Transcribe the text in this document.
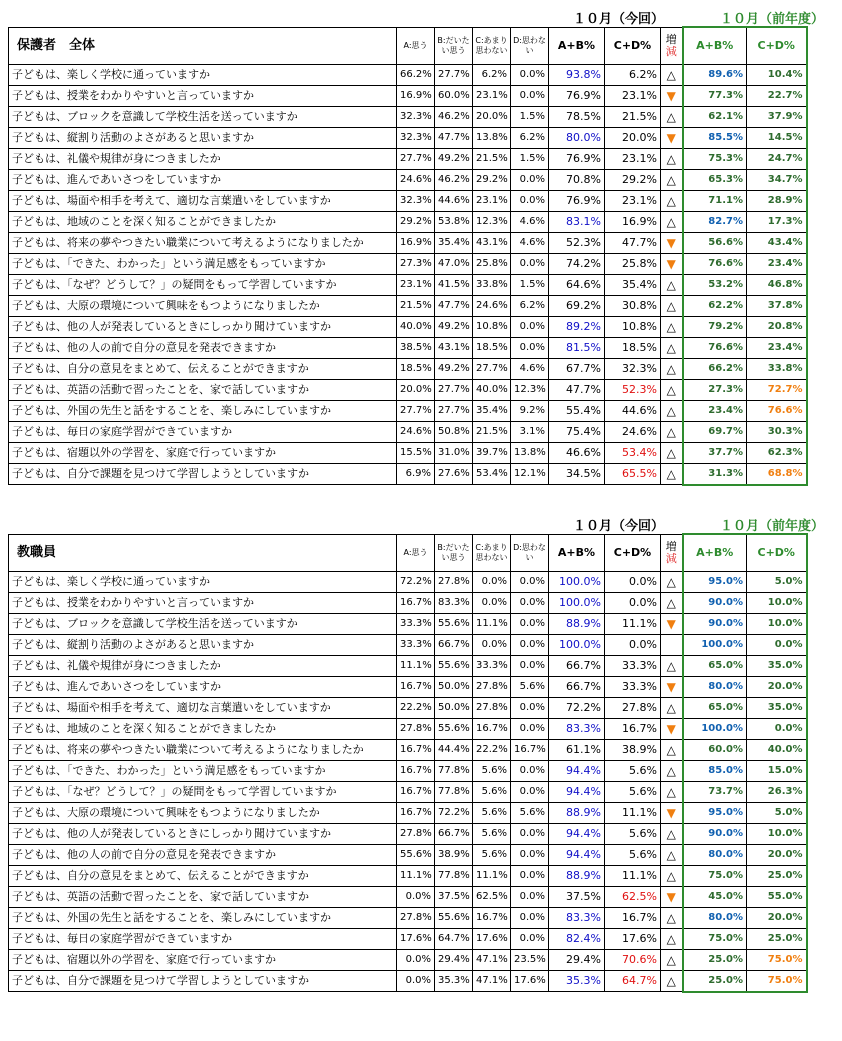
１０月（今回）	１０月（前年度）
保護者　全体	A:思う	B:だいたい思う	C:あまり思わない	D:思わない	A+B%	C+D%	増
減	A+B%	C+D%
子どもは、楽しく学校に通っていますか	66.2%	27.7%	6.2%	0.0%	93.8%	6.2%	△	89.6%	10.4%
子どもは、授業をわかりやすいと言っていますか	16.9%	60.0%	23.1%	0.0%	76.9%	23.1%	▼	77.3%	22.7%
子どもは、ブロックを意識して学校生活を送っていますか	32.3%	46.2%	20.0%	1.5%	78.5%	21.5%	△	62.1%	37.9%
子どもは、縦割り活動のよさがあると思いますか	32.3%	47.7%	13.8%	6.2%	80.0%	20.0%	▼	85.5%	14.5%
子どもは、礼儀や規律が身につきましたか	27.7%	49.2%	21.5%	1.5%	76.9%	23.1%	△	75.3%	24.7%
子どもは、進んであいさつをしていますか	24.6%	46.2%	29.2%	0.0%	70.8%	29.2%	△	65.3%	34.7%
子どもは、場面や相手を考えて、適切な言葉遣いをしていますか	32.3%	44.6%	23.1%	0.0%	76.9%	23.1%	△	71.1%	28.9%
子どもは、地域のことを深く知ることができましたか	29.2%	53.8%	12.3%	4.6%	83.1%	16.9%	△	82.7%	17.3%
子どもは、将来の夢やつきたい職業について考えるようになりましたか	16.9%	35.4%	43.1%	4.6%	52.3%	47.7%	▼	56.6%	43.4%
子どもは、「できた、わかった」という満足感をもっていますか	27.3%	47.0%	25.8%	0.0%	74.2%	25.8%	▼	76.6%	23.4%
子どもは、「なぜ？どうして？」の疑問をもって学習していますか	23.1%	41.5%	33.8%	1.5%	64.6%	35.4%	△	53.2%	46.8%
子どもは、大原の環境について興味をもつようになりましたか	21.5%	47.7%	24.6%	6.2%	69.2%	30.8%	△	62.2%	37.8%
子どもは、他の人が発表しているときにしっかり聞けていますか	40.0%	49.2%	10.8%	0.0%	89.2%	10.8%	△	79.2%	20.8%
子どもは、他の人の前で自分の意見を発表できますか	38.5%	43.1%	18.5%	0.0%	81.5%	18.5%	△	76.6%	23.4%
子どもは、自分の意見をまとめて、伝えることができますか	18.5%	49.2%	27.7%	4.6%	67.7%	32.3%	△	66.2%	33.8%
子どもは、英語の活動で習ったことを、家で話していますか	20.0%	27.7%	40.0%	12.3%	47.7%	52.3%	△	27.3%	72.7%
子どもは、外国の先生と話をすることを、楽しみにしていますか	27.7%	27.7%	35.4%	9.2%	55.4%	44.6%	△	23.4%	76.6%
子どもは、毎日の家庭学習ができていますか	24.6%	50.8%	21.5%	3.1%	75.4%	24.6%	△	69.7%	30.3%
子どもは、宿題以外の学習を、家庭で行っていますか	15.5%	31.0%	39.7%	13.8%	46.6%	53.4%	△	37.7%	62.3%
子どもは、自分で課題を見つけて学習しようとしていますか	6.9%	27.6%	53.4%	12.1%	34.5%	65.5%	△	31.3%	68.8%
１０月（今回）	１０月（前年度）
教職員	A:思う	B:だいたい思う	C:あまり思わない	D:思わない	A+B%	C+D%	増
減	A+B%	C+D%
子どもは、楽しく学校に通っていますか	72.2%	27.8%	0.0%	0.0%	100.0%	0.0%	△	95.0%	5.0%
子どもは、授業をわかりやすいと言っていますか	16.7%	83.3%	0.0%	0.0%	100.0%	0.0%	△	90.0%	10.0%
子どもは、ブロックを意識して学校生活を送っていますか	33.3%	55.6%	11.1%	0.0%	88.9%	11.1%	▼	90.0%	10.0%
子どもは、縦割り活動のよさがあると思いますか	33.3%	66.7%	0.0%	0.0%	100.0%	0.0%		100.0%	0.0%
子どもは、礼儀や規律が身につきましたか	11.1%	55.6%	33.3%	0.0%	66.7%	33.3%	△	65.0%	35.0%
子どもは、進んであいさつをしていますか	16.7%	50.0%	27.8%	5.6%	66.7%	33.3%	▼	80.0%	20.0%
子どもは、場面や相手を考えて、適切な言葉遣いをしていますか	22.2%	50.0%	27.8%	0.0%	72.2%	27.8%	△	65.0%	35.0%
子どもは、地域のことを深く知ることができましたか	27.8%	55.6%	16.7%	0.0%	83.3%	16.7%	▼	100.0%	0.0%
子どもは、将来の夢やつきたい職業について考えるようになりましたか	16.7%	44.4%	22.2%	16.7%	61.1%	38.9%	△	60.0%	40.0%
子どもは、「できた、わかった」という満足感をもっていますか	16.7%	77.8%	5.6%	0.0%	94.4%	5.6%	△	85.0%	15.0%
子どもは、「なぜ？どうして？」の疑問をもって学習していますか	16.7%	77.8%	5.6%	0.0%	94.4%	5.6%	△	73.7%	26.3%
子どもは、大原の環境について興味をもつようになりましたか	16.7%	72.2%	5.6%	5.6%	88.9%	11.1%	▼	95.0%	5.0%
子どもは、他の人が発表しているときにしっかり聞けていますか	27.8%	66.7%	5.6%	0.0%	94.4%	5.6%	△	90.0%	10.0%
子どもは、他の人の前で自分の意見を発表できますか	55.6%	38.9%	5.6%	0.0%	94.4%	5.6%	△	80.0%	20.0%
子どもは、自分の意見をまとめて、伝えることができますか	11.1%	77.8%	11.1%	0.0%	88.9%	11.1%	△	75.0%	25.0%
子どもは、英語の活動で習ったことを、家で話していますか	0.0%	37.5%	62.5%	0.0%	37.5%	62.5%	▼	45.0%	55.0%
子どもは、外国の先生と話をすることを、楽しみにしていますか	27.8%	55.6%	16.7%	0.0%	83.3%	16.7%	△	80.0%	20.0%
子どもは、毎日の家庭学習ができていますか	17.6%	64.7%	17.6%	0.0%	82.4%	17.6%	△	75.0%	25.0%
子どもは、宿題以外の学習を、家庭で行っていますか	0.0%	29.4%	47.1%	23.5%	29.4%	70.6%	△	25.0%	75.0%
子どもは、自分で課題を見つけて学習しようとしていますか	0.0%	35.3%	47.1%	17.6%	35.3%	64.7%	△	25.0%	75.0%
